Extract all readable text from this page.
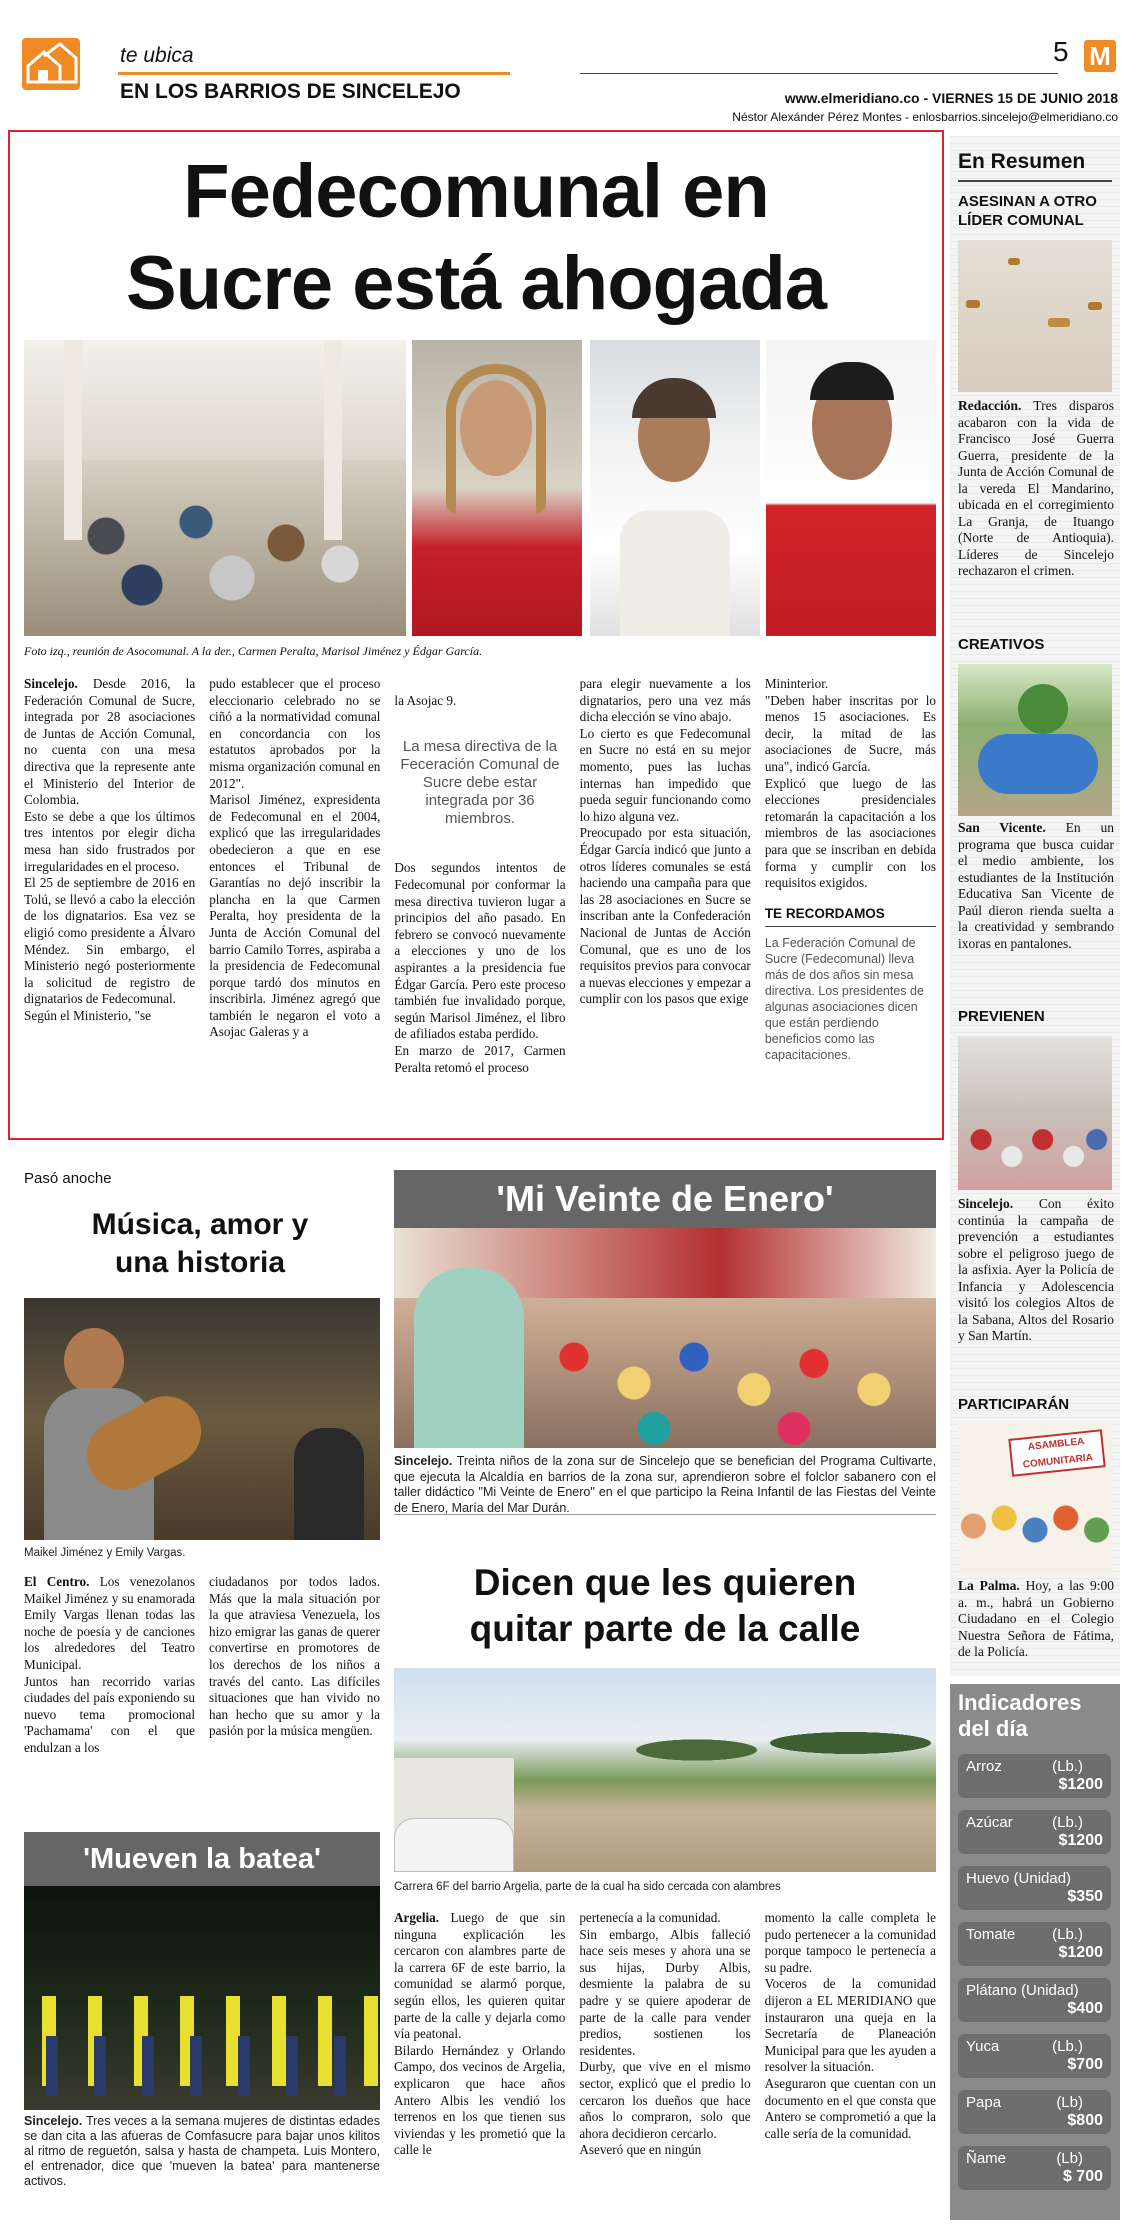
te ubica
EN LOS BARRIOS DE SINCELEJO
5 M
www.elmeridiano.co - VIERNES 15 DE JUNIO 2018
Néstor Alexánder Pérez Montes - enlosbarrios.sincelejo@elmeridiano.co
Fedecomunal en
Sucre está ahogada
Foto izq., reunión de Asocomunal. A la der., Carmen Peralta, Marisol Jiménez y Édgar García.
Sincelejo. Desde 2016, la Federación Comunal de Sucre, integrada por 28 asociaciones de Juntas de Acción Comunal, no cuenta con una mesa directiva que la represente ante el Ministerio del Interior de Colombia.
Esto se debe a que los últimos tres intentos por elegir dicha mesa han sido frustrados por irregularidades en el proceso.
El 25 de septiembre de 2016 en Tolú, se llevó a cabo la elección de los dignatarios. Esa vez se eligió como presidente a Álvaro Méndez. Sin embargo, el Ministerio negó posteriormente la solicitud de registro de dignatarios de Fedecomunal.
Según el Ministerio, "se
pudo establecer que el proceso eleccionario celebrado no se ciñó a la normatividad comunal en concordancia con los estatutos aprobados por la misma organización comunal en 2012".
Marisol Jiménez, expresidenta de Fedecomunal en el 2004, explicó que las irregularidades obedecieron a que en ese entonces el Tribunal de Garantías no dejó inscribir la plancha en la que Carmen Peralta, hoy presidenta de la Junta de Acción Comunal del barrio Camilo Torres, aspiraba a la presidencia de Fedecomunal porque tardó dos minutos en inscribirla. Jiménez agregó que también le negaron el voto a Asojac Galeras y a

la Asojac 9.

La mesa directiva de la Feceración Comunal de Sucre debe estar integrada por 36 miembros.

Dos segundos intentos de Fedecomunal por conformar la mesa directiva tuvieron lugar a principios del año pasado. En febrero se convocó nuevamente a elecciones y uno de los aspirantes a la presidencia fue Édgar García. Pero este proceso también fue invalidado porque, según Marisol Jiménez, el libro de afiliados estaba perdido.
En marzo de 2017, Carmen Peralta retomó el proceso

para elegir nuevamente a los dignatarios, pero una vez más dicha elección se vino abajo.
Lo cierto es que Fedecomunal en Sucre no está en su mejor momento, pues las luchas internas han impedido que pueda seguir funcionando como lo hizo alguna vez.
Preocupado por esta situación, Édgar García indicó que junto a otros líderes comunales se está haciendo una campaña para que las 28 asociaciones en Sucre se inscriban ante la Confederación Nacional de Juntas de Acción Comunal, que es uno de los requisitos previos para convocar a nuevas elecciones y empezar a cumplir con los pasos que exige
Mininterior.
"Deben haber inscritas por lo menos 15 asociaciones. Es decir, la mitad de las asociaciones de Sucre, más una", indicó García.
Explicó que luego de las elecciones presidenciales retomarán la capacitación a los miembros de las asociaciones para que se inscriban en debida forma y cumplir con los requisitos exigidos.
TE RECORDAMOS
La Federación Comunal de Sucre (Fedecomunal) lleva más de dos años sin mesa directiva. Los presidentes de algunas asociaciones dicen que están perdiendo beneficios como las capacitaciones.
Pasó anoche
Música, amor y
una historia
Maikel Jiménez y Emily Vargas.
El Centro. Los venezolanos Maikel Jiménez y su enamorada Emily Vargas llenan todas las noche de poesía y de canciones los alrededores del Teatro Municipal.
Juntos han recorrido varias ciudades del país exponiendo su nuevo tema promocional 'Pachamama' con el que endulzan a los
ciudadanos por todos lados. Más que la mala situación por la que atraviesa Venezuela, los hizo emigrar las ganas de querer convertirse en promotores de los derechos de los niños a través del canto. Las difíciles situaciones que han vivido no han hecho que su amor y la pasión por la música mengüen.
'Mueven la batea'
Sincelejo. Tres veces a la semana mujeres de distintas edades se dan cita a las afueras de Comfasucre para bajar unos kilitos al ritmo de reguetón, salsa y hasta de champeta. Luis Montero, el entrenador, dice que 'mueven la batea' para mantenerse activos.
'Mi Veinte de Enero'
Sincelejo. Treinta niños de la zona sur de Sincelejo que se benefician del Programa Cultivarte, que ejecuta la Alcaldía en barrios de la zona sur, aprendieron sobre el folclor sabanero con el taller didáctico "Mi Veinte de Enero" en el que participo la Reina Infantil de las Fiestas del Veinte de Enero, María del Mar Durán.
Dicen que les quieren
quitar parte de la calle
Carrera 6F del barrio Argelia, parte de la cual ha sido cercada con alambres
Argelia. Luego de que sin ninguna explicación les cercaron con alambres parte de la carrera 6F de este barrio, la comunidad se alarmó porque, según ellos, les quieren quitar parte de la calle y dejarla como vía peatonal.
Bilardo Hernández y Orlando Campo, dos vecinos de Argelia, explicaron que hace años Antero Albis les vendió los terrenos en los que tienen sus viviendas y les prometió que la calle le
pertenecía a la comunidad.
Sin embargo, Albis falleció hace seis meses y ahora una se sus hijas, Durby Albis, desmiente la palabra de su padre y se quiere apoderar de parte de la calle para vender predios, sostienen los residentes.
Durby, que vive en el mismo sector, explicó que el predio lo cercaron los dueños que hace años lo compraron, solo que ahora decidieron cercarlo.
Aseveró que en ningún
momento la calle completa le pudo pertenecer a la comunidad porque tampoco le pertenecía a su padre.
Voceros de la comunidad dijeron a EL MERIDIANO que instauraron una queja en la Secretaría de Planeación Municipal para que les ayuden a resolver la situación.
Aseguraron que cuentan con un documento en el que consta que Antero se comprometió a que la calle sería de la comunidad.
En Resumen
ASESINAN A OTRO LÍDER COMUNAL
Redacción. Tres disparos acabaron con la vida de Francisco José Guerra Guerra, presidente de la Junta de Acción Comunal de la vereda El Mandarino, ubicada en el corregimiento La Granja, de Ituango (Norte de Antioquia). Líderes de Sincelejo rechazaron el crimen.
CREATIVOS
San Vicente. En un programa que busca cuidar el medio ambiente, los estudiantes de la Institución Educativa San Vicente de Paúl dieron rienda suelta a la creatividad y sembrando ixoras en pantalones.
PREVIENEN
Sincelejo. Con éxito continúa la campaña de prevención a estudiantes sobre el peligroso juego de la asfixia. Ayer la Policía de Infancia y Adolescencia visitó los colegios Altos de la Sabana, Altos del Rosario y San Martín.
PARTICIPARÁN
ASAMBLEA COMUNITARIA
La Palma. Hoy, a las 9:00 a. m., habrá un Gobierno Ciudadano en el Colegio Nuestra Señora de Fátima, de la Policía.
Indicadores
del día
Arroz	(Lb.)
$1200
Azúcar	(Lb.)
$1200
Huevo (Unidad)
$350
Tomate (Lb.)
$1200
Plátano (Unidad)
$400
Yuca	(Lb.)
$700
Papa	(Lb)
$800
Ñame	(Lb)
$ 700
